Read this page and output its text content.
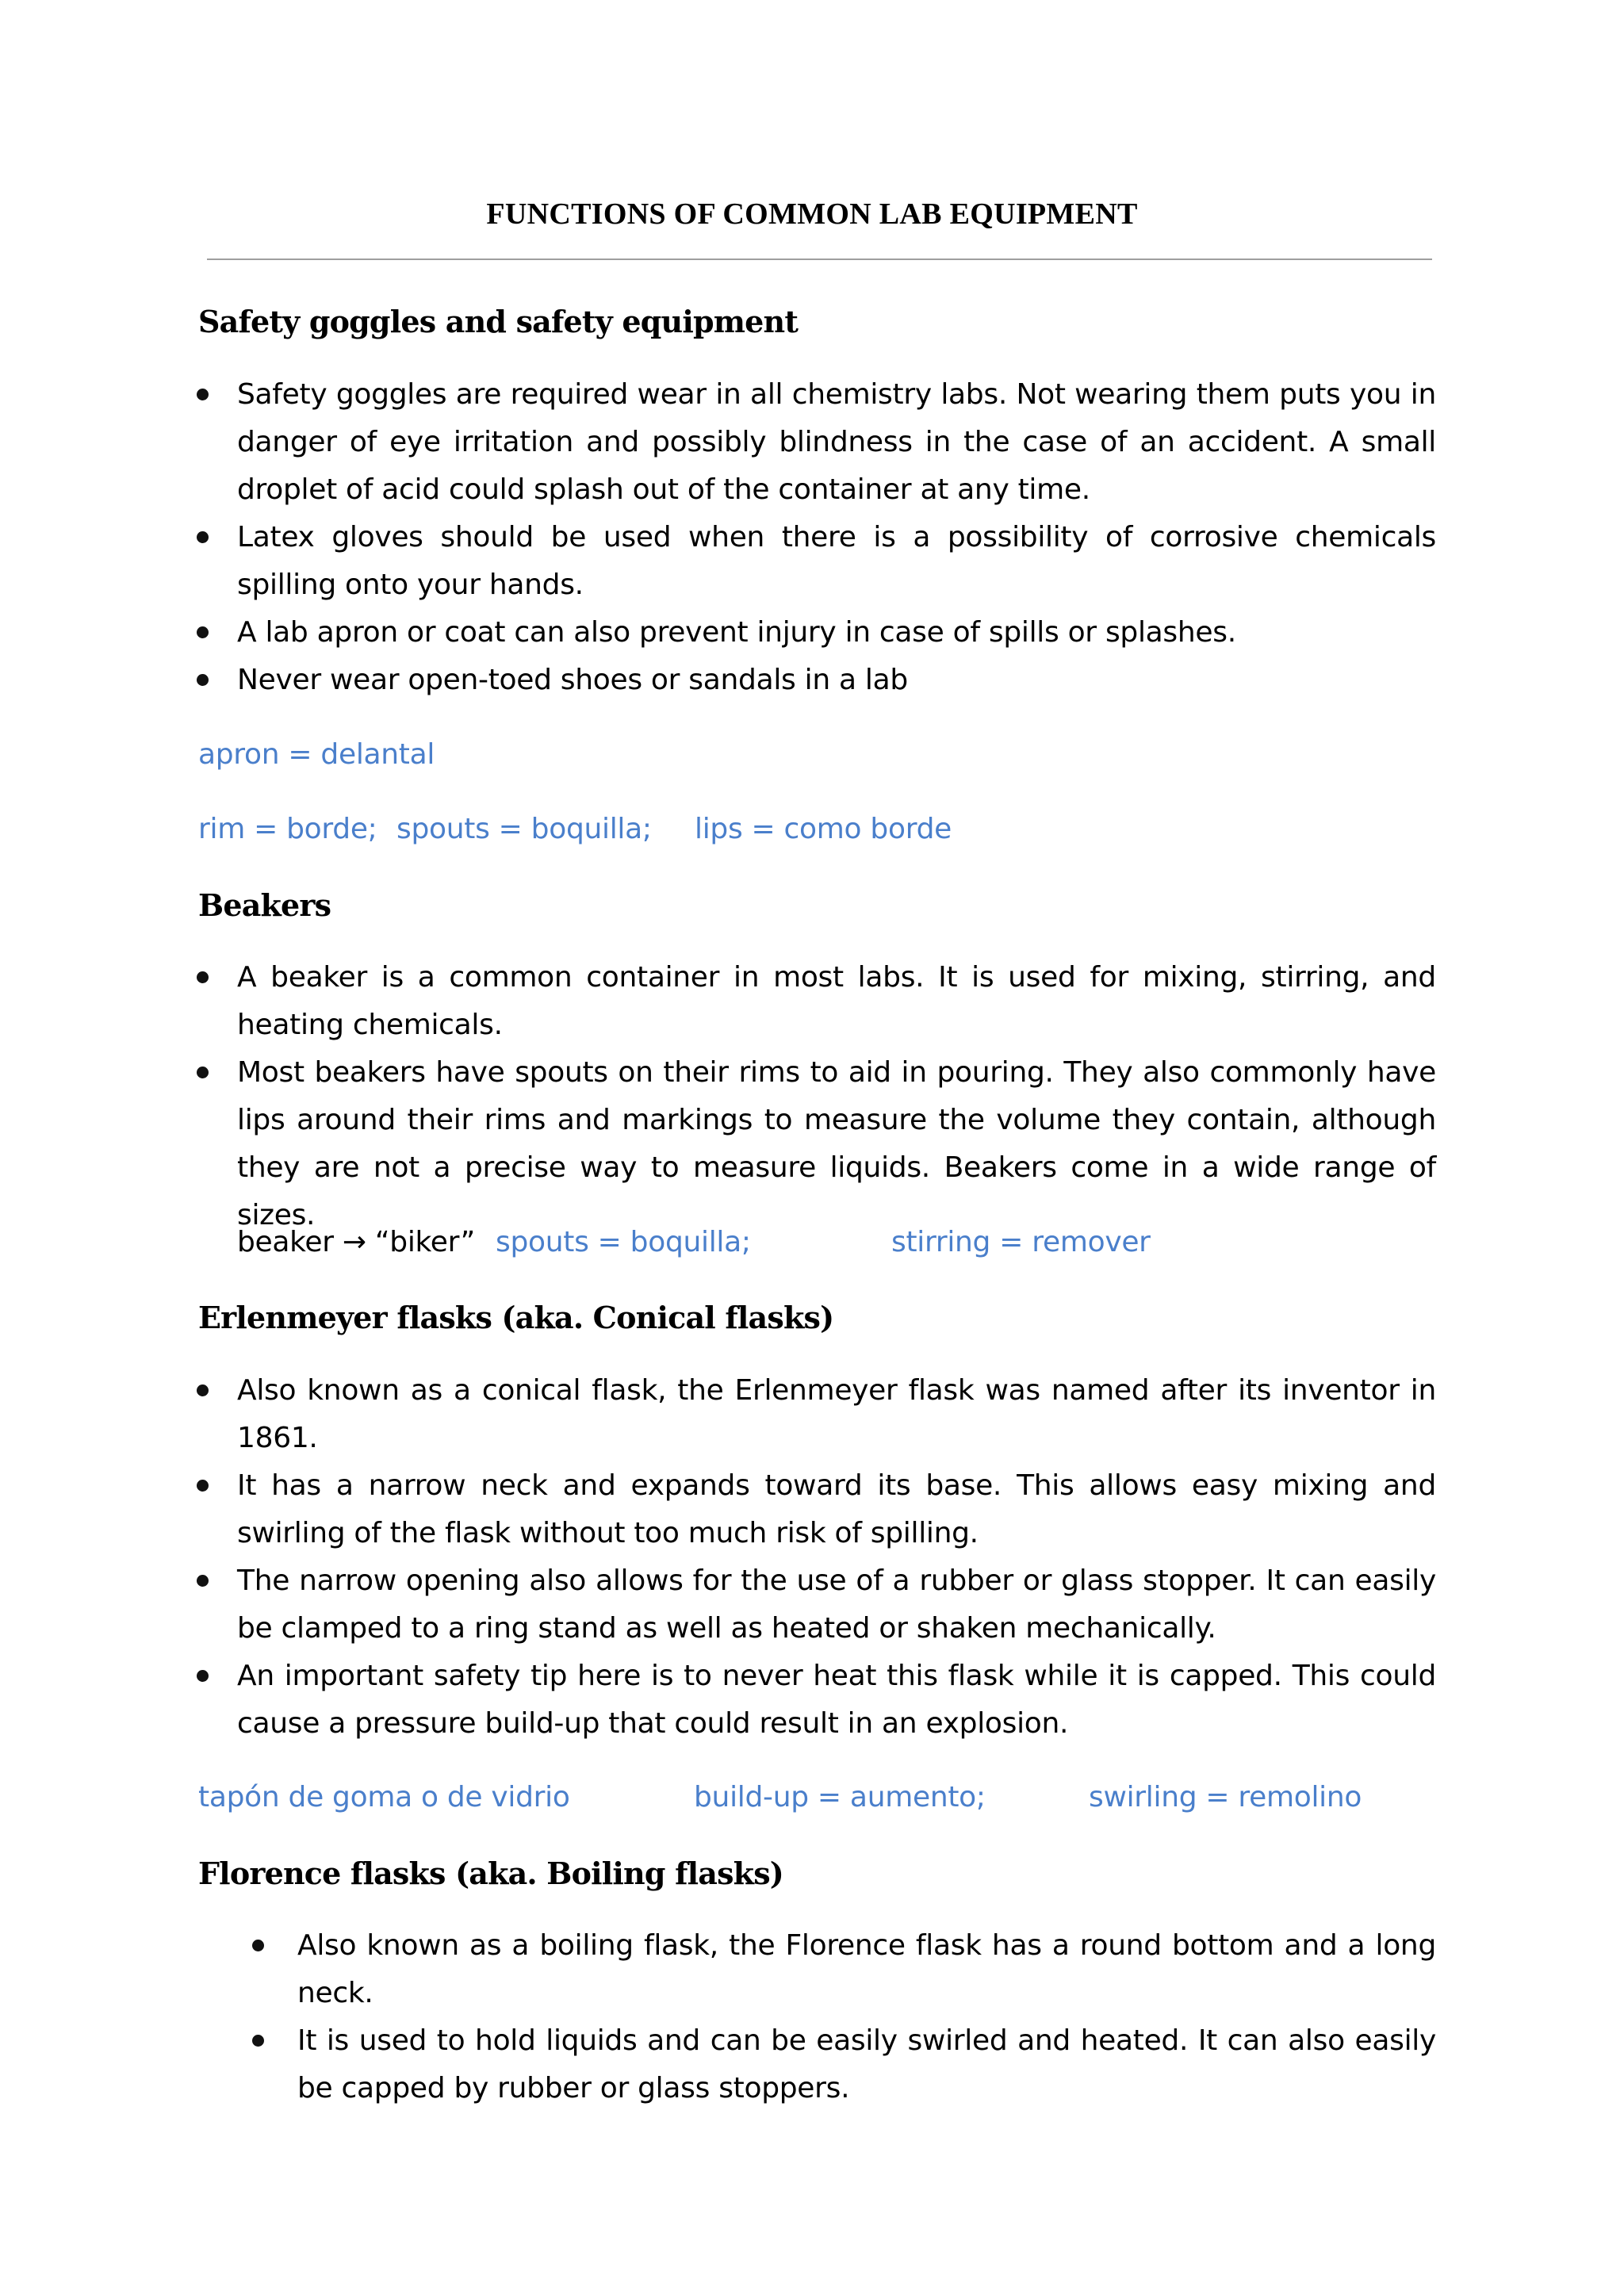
FUNCTIONS OF COMMON LAB EQUIPMENT
Safety goggles and safety equipment
Safety goggles are required wear in all chemistry labs. Not wearing them puts you in danger of eye irritation and possibly blindness in the case of an accident. A small droplet of acid could splash out of the container at any time.
Latex gloves should be used when there is a possibility of corrosive chemicals spilling onto your hands.
A lab apron or coat can also prevent injury in case of spills or splashes.
Never wear open-toed shoes or sandals in a lab
apron = delantal
rim = borde; spouts = boquilla; lips = como borde
Beakers
A beaker is a common container in most labs. It is used for mixing, stirring, and heating chemicals.
Most beakers have spouts on their rims to aid in pouring. They also commonly have lips around their rims and markings to measure the volume they contain, although they are not a precise way to measure liquids. Beakers come in a wide range of sizes.
beaker → “biker” spouts = boquilla;	stirring = remover
Erlenmeyer flasks (aka. Conical flasks)
Also known as a conical flask, the Erlenmeyer flask was named after its inventor in 1861.
It has a narrow neck and expands toward its base. This allows easy mixing and swirling of the flask without too much risk of spilling.
The narrow opening also allows for the use of a rubber or glass stopper. It can easily be clamped to a ring stand as well as heated or shaken mechanically.
An important safety tip here is to never heat this flask while it is capped. This could cause a pressure build-up that could result in an explosion.
tapón de goma o de vidrio	build-up = aumento;	swirling = remolino
Florence flasks (aka. Boiling flasks)
Also known as a boiling flask, the Florence flask has a round bottom and a long neck.
It is used to hold liquids and can be easily swirled and heated. It can also easily be capped by rubber or glass stoppers.
